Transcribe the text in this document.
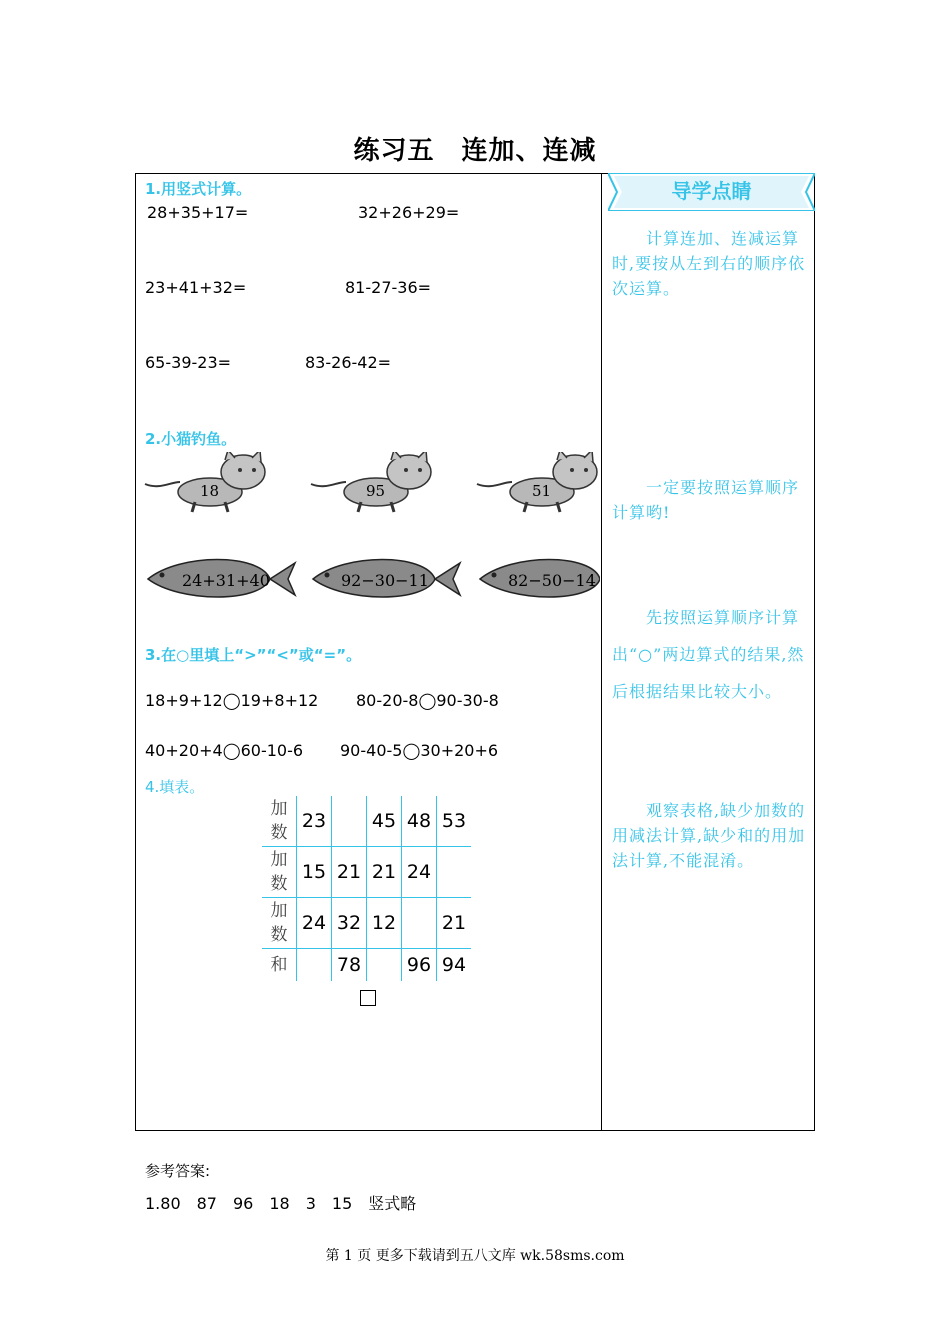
练习五　连加、连减
1.用竖式计算。
28+35+17=	32+26+29=
23+41+32=	81-27-36=
65-39-23=	83-26-42=
2.小猫钓鱼。
18	95	51
24+31+40	92−30−11	82−50−14
3.在○里填上“>”“<”或“=”。
18+9+12◯19+8+12 80-20-8◯90-30-8
40+20+4◯60-10-6 90-40-5◯30+20+6
4.填表。
加
数	23		45	48	53

加
数	15	21	21	24	

加
数	24	32	12		21
和		78		96	94
导学点睛
　　计算连加、连减运算时,要按从左到右的顺序依次运算。
　　一定要按照运算顺序计算哟!
　　先按照运算顺序计算出“○”两边算式的结果,然后根据结果比较大小。
　　观察表格,缺少加数的用减法计算,缺少和的用加法计算,不能混淆。
参考答案:
1.80　87　96　18　3　15　竖式略
第 1 页 更多下载请到五八文库 wk.58sms.com
